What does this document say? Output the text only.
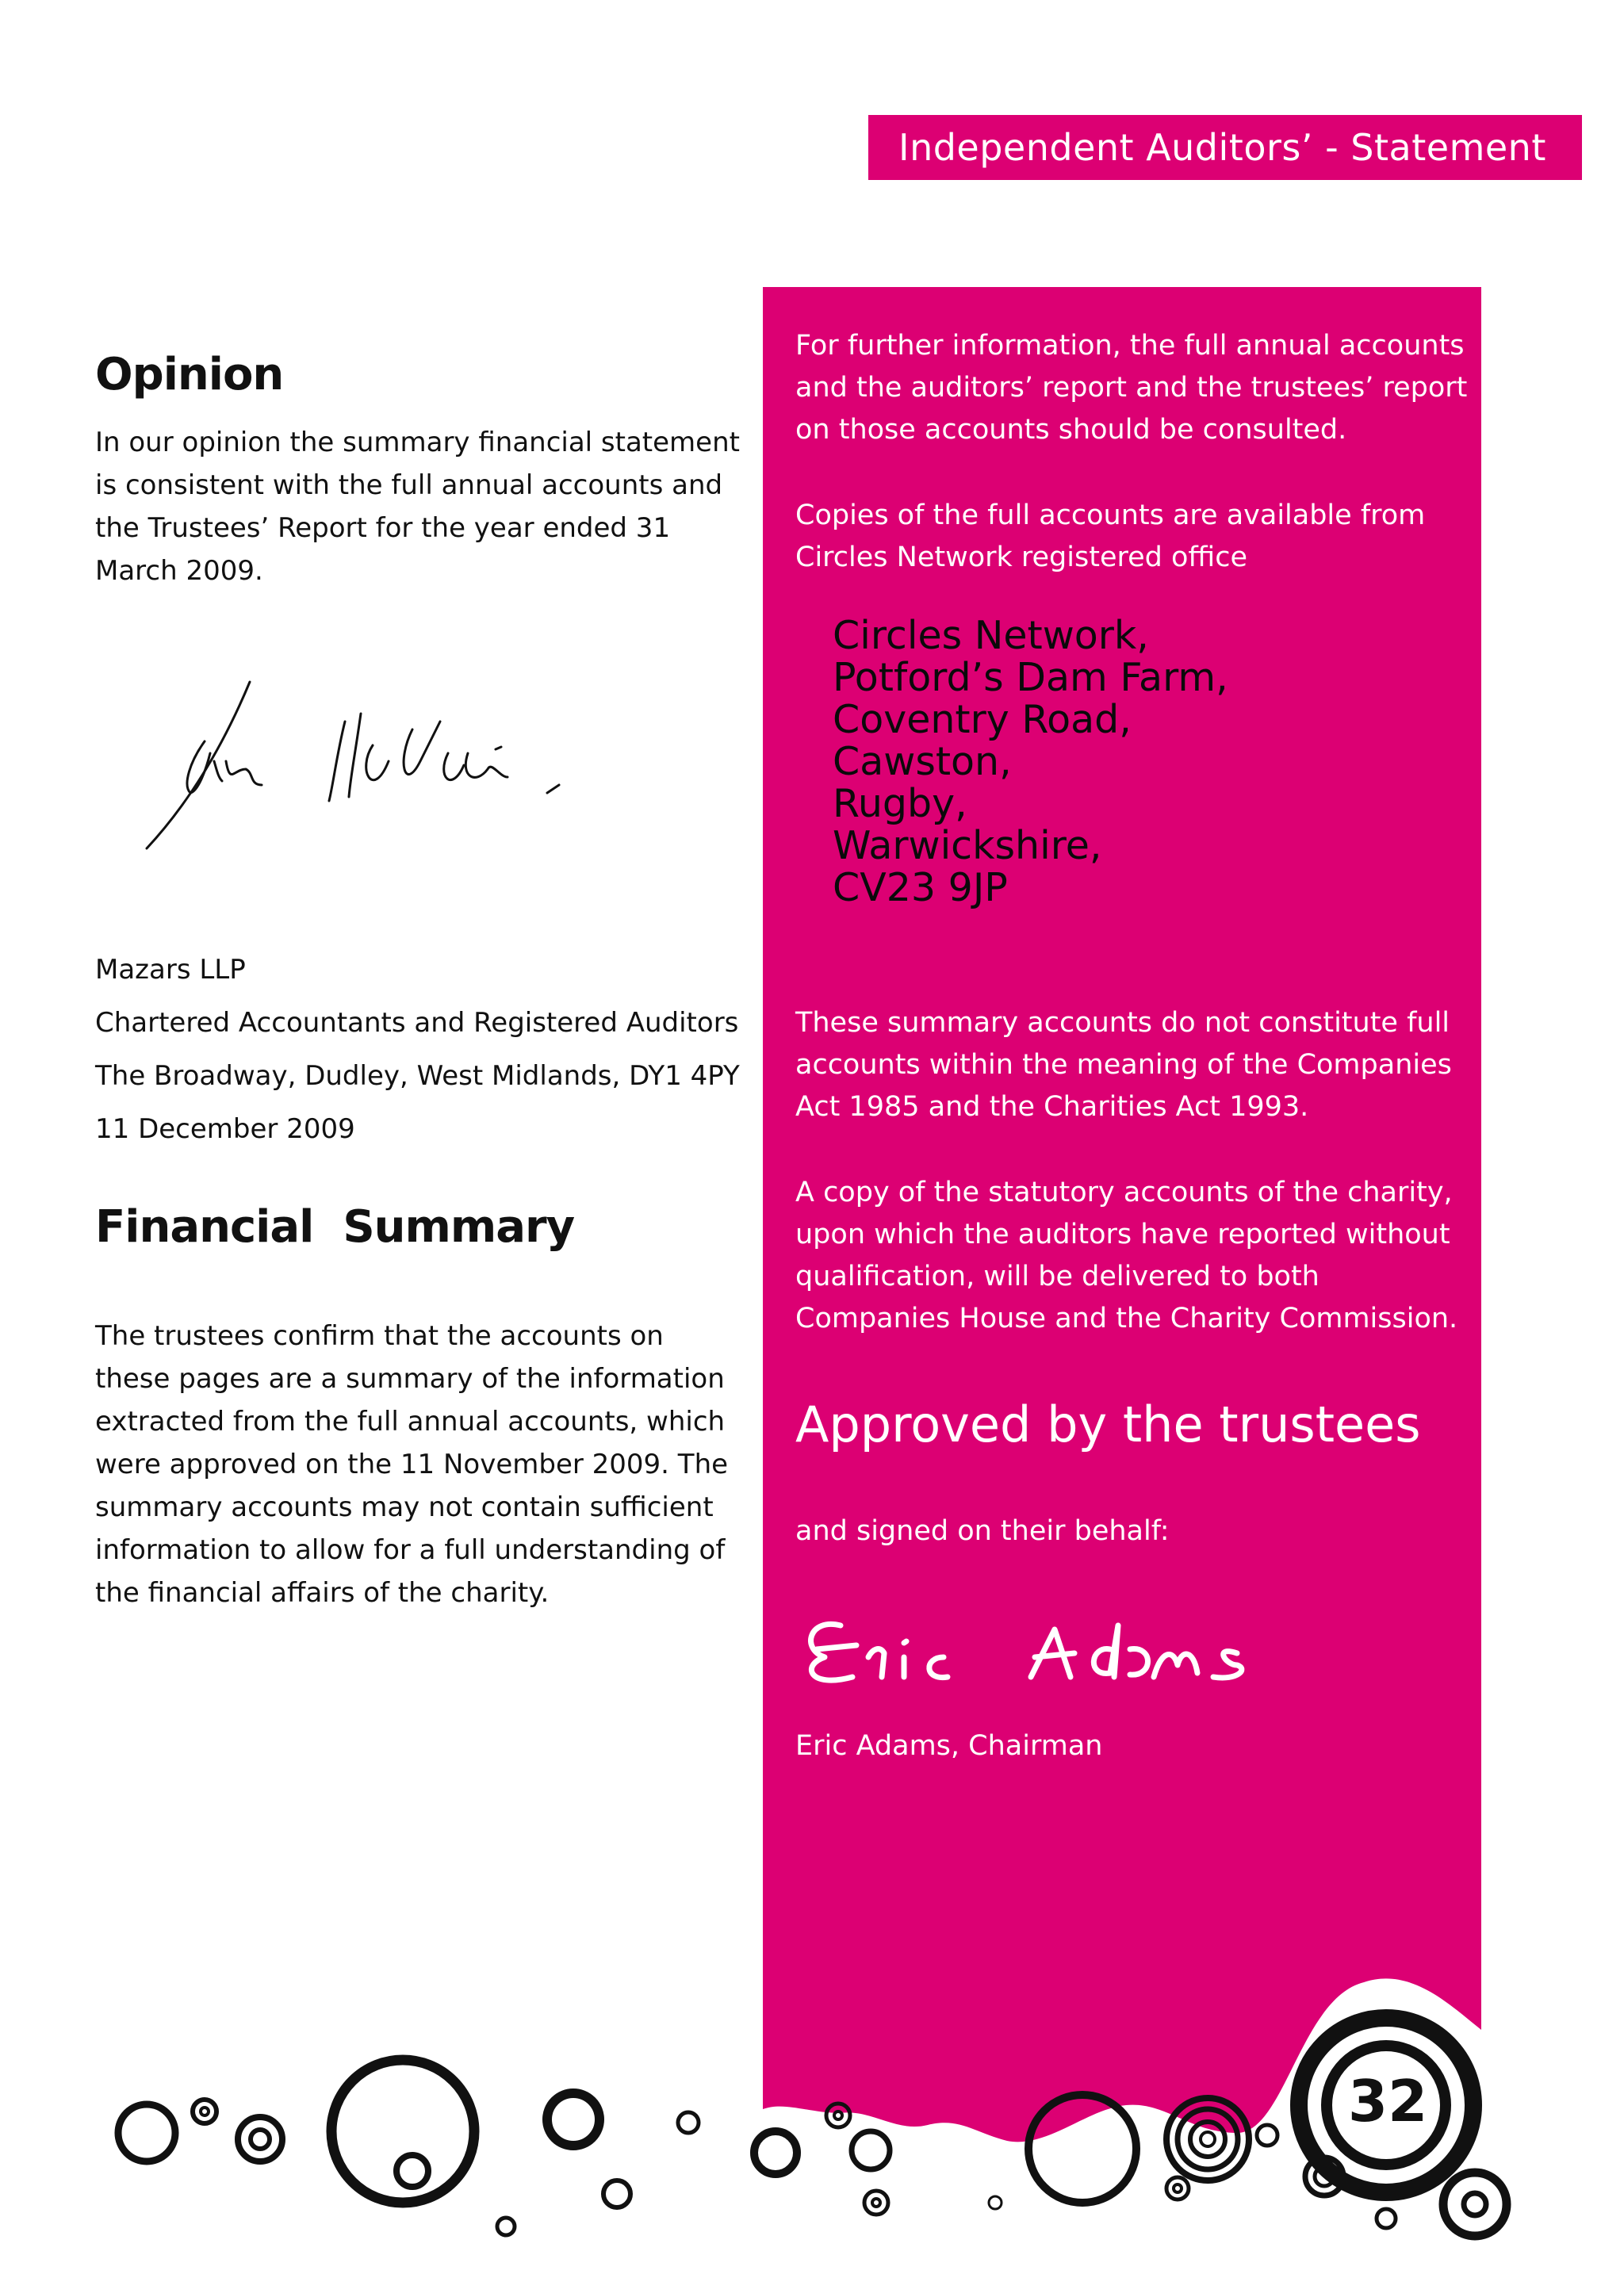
Independent Auditors’ - Statement
Opinion

In our opinion the summary financial statement is consistent with the full annual accounts and the Trustees’ Report for the year ended 31 March 2009.

Mazars LLP
Chartered Accountants and Registered Auditors
The Broadway, Dudley, West Midlands, DY1 4PY
11 December 2009
Financial  Summary

The trustees confirm that the accounts on these pages are a summary of the information extracted from the full annual accounts, which were approved on the 11 November 2009. The summary accounts may not contain sufficient information to allow for a full understanding of the financial affairs of the charity.

For further information, the full annual accounts and the auditors’ report and the trustees’ report on those accounts should be consulted.

Copies of the full accounts are available from Circles Network registered office

Circles Network,
Potford’s Dam Farm,
Coventry Road,
Cawston,
Rugby,
Warwickshire,
CV23 9JP

These summary accounts do not constitute full accounts within the meaning of the Companies Act 1985 and the Charities Act 1993.

A copy of the statutory accounts of the charity, upon which the auditors have reported without qualification, will be delivered to both Companies House and the Charity Commission.

Approved by the trustees

and signed on their behalf:

Eric Adams, Chairman

32
